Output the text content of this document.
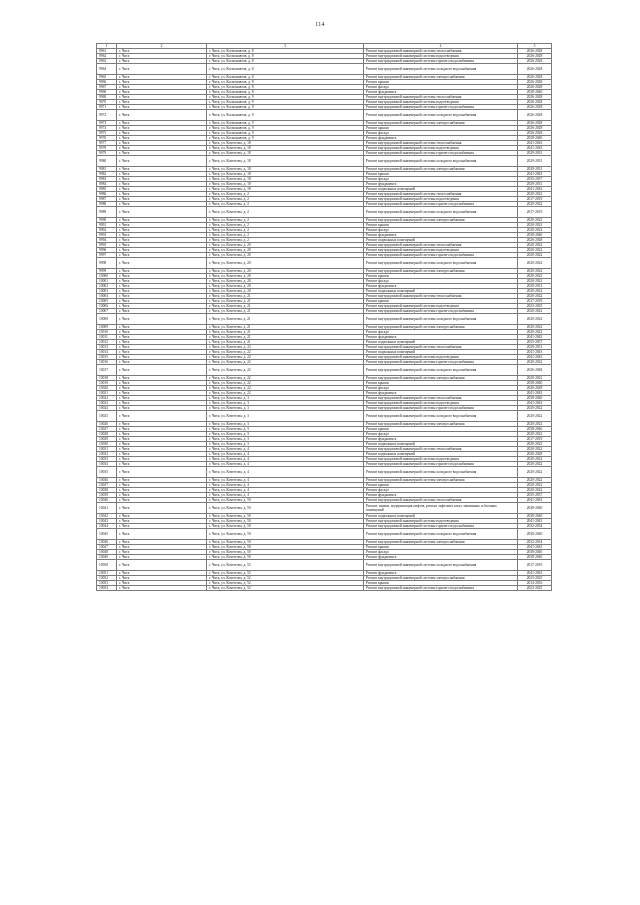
114
1	2	3	4	5
9961	г. Чита	г. Чита, ул. Космонавтов, д. 8	Ремонт внутридомовой инженерной системы теплоснабжения	2026-2028
9962	г. Чита	г. Чита, ул. Космонавтов, д. 8	Ремонт внутридомовой инженерной системы водоотведения	2026-2028
9963	г. Чита	г. Чита, ул. Космонавтов, д. 8	Ремонт внутридомовой инженерной системы горячего водоснабжения	2026-2028
9964	г. Чита	г. Чита, ул. Космонавтов, д. 8	Ремонт внутридомовой инженерной системы холодного водоснабжения	2026-2028
9965	г. Чита	г. Чита, ул. Космонавтов, д. 8	Ремонт внутридомовой инженерной системы электроснабжения	2026-2028
9966	г. Чита	г. Чита, ул. Космонавтов, д. 8	Ремонт крыши	2026-2028
9967	г. Чита	г. Чита, ул. Космонавтов, д. 8	Ремонт фасада	2026-2028
9968	г. Чита	г. Чита, ул. Космонавтов, д. 8	Ремонт фундамента	2038-2040
9969	г. Чита	г. Чита, ул. Космонавтов, д. 9	Ремонт внутридомовой инженерной системы теплоснабжения	2026-2028
9970	г. Чита	г. Чита, ул. Космонавтов, д. 9	Ремонт внутридомовой инженерной системы водоотведения	2026-2028
9971	г. Чита	г. Чита, ул. Космонавтов, д. 9	Ремонт внутридомовой инженерной системы горячего водоснабжения	2026-2028
9972	г. Чита	г. Чита, ул. Космонавтов, д. 9	Ремонт внутридомовой инженерной системы холодного водоснабжения	2026-2028
9973	г. Чита	г. Чита, ул. Космонавтов, д. 9	Ремонт внутридомовой инженерной системы электроснабжения	2026-2028
9974	г. Чита	г. Чита, ул. Космонавтов, д. 9	Ремонт крыши	2026-2028
9975	г. Чита	г. Чита, ул. Космонавтов, д. 9	Ремонт фасада	2026-2028
9976	г. Чита	г. Чита, ул. Космонавтов, д. 9	Ремонт фундамента	2038-2040
9977	г. Чита	г. Чита, ул. Кочетгова, д. 18	Ремонт внутридомовой инженерной системы теплоснабжения	2041-2043
9978	г. Чита	г. Чита, ул. Кочетгова, д. 18	Ремонт внутридомовой инженерной системы водоотведения	2041-2043
9979	г. Чита	г. Чита, ул. Кочетгова, д. 18	Ремонт внутридомовой инженерной системы горячего водоснабжения	2029-2031
9980	г. Чита	г. Чита, ул. Кочетгова, д. 18	Ремонт внутридомовой инженерной системы холодного водоснабжения	2029-2031
9981	г. Чита	г. Чита, ул. Кочетгова, д. 18	Ремонт внутридомовой инженерной системы электроснабжения	2029-2031
9982	г. Чита	г. Чита, ул. Кочетгова, д. 18	Ремонт крыши	2041-2043
9983	г. Чита	г. Чита, ул. Кочетгова, д. 18	Ремонт фасада	2035-2037
9984	г. Чита	г. Чита, ул. Кочетгова, д. 18	Ремонт фундамента	2029-2031
9985	г. Чита	г. Чита, ул. Кочетгова, д. 18	Ремонт подвальных помещений	2041-2043
9986	г. Чита	г. Чита, ул. Кочетгова, д. 2	Ремонт внутридомовой инженерной системы теплоснабжения	2020-2022
9987	г. Чита	г. Чита, ул. Кочетгова, д. 2	Ремонт внутридомовой инженерной системы водоотведения	2017-2019
9988	г. Чита	г. Чита, ул. Кочетгова, д. 2	Ремонт внутридомовой инженерной системы горячего водоснабжения	2020-2022
9989	г. Чита	г. Чита, ул. Кочетгова, д. 2	Ремонт внутридомовой инженерной системы холодного водоснабжения	2017-2019
9990	г. Чита	г. Чита, ул. Кочетгова, д. 2	Ремонт внутридомовой инженерной системы электроснабжения	2020-2022
9991	г. Чита	г. Чита, ул. Кочетгова, д. 2	Ремонт крыши	2020-2022
9992	г. Чита	г. Чита, ул. Кочетгова, д. 2	Ремонт фасада	2020-2022
9993	г. Чита	г. Чита, ул. Кочетгова, д. 2	Ремонт фундамента	2038-2040
9994	г. Чита	г. Чита, ул. Кочетгова, д. 2	Ремонт подвальных помещений	2026-2028
9995	г. Чита	г. Чита, ул. Кочетгова, д. 20	Ремонт внутридомовой инженерной системы теплоснабжения	2020-2022
9996	г. Чита	г. Чита, ул. Кочетгова, д. 20	Ремонт внутридомовой инженерной системы водоотведения	2020-2022
9997	г. Чита	г. Чита, ул. Кочетгова, д. 20	Ремонт внутридомовой инженерной системы горячего водоснабжения	2020-2022
9998	г. Чита	г. Чита, ул. Кочетгова, д. 20	Ремонт внутридомовой инженерной системы холодного водоснабжения	2020-2022
9999	г. Чита	г. Чита, ул. Кочетгова, д. 20	Ремонт внутридомовой инженерной системы электроснабжения	2020-2022
10000	г. Чита	г. Чита, ул. Кочетгова, д. 20	Ремонт крыши	2020-2022
10001	г. Чита	г. Чита, ул. Кочетгова, д. 20	Ремонт фасада	2020-2022
10002	г. Чита	г. Чита, ул. Кочетгова, д. 20	Ремонт фундамента	2029-2031
10003	г. Чита	г. Чита, ул. Кочетгова, д. 20	Ремонт подвальных помещений	2020-2022
10004	г. Чита	г. Чита, ул. Кочетгова, д. 21	Ремонт внутридомовой инженерной системы теплоснабжения	2020-2022
10005	г. Чита	г. Чита, ул. Кочетгова, д. 21	Ремонт крыши	2017-2019
10006	г. Чита	г. Чита, ул. Кочетгова, д. 21	Ремонт внутридомовой инженерной системы водоотведения	2023-2025
10007	г. Чита	г. Чита, ул. Кочетгова, д. 21	Ремонт внутридомовой инженерной системы горячего водоснабжения	2020-2022
10008	г. Чита	г. Чита, ул. Кочетгова, д. 21	Ремонт внутридомовой инженерной системы холодного водоснабжения	2020-2022
10009	г. Чита	г. Чита, ул. Кочетгова, д. 21	Ремонт внутридомовой инженерной системы электроснабжения	2020-2022
10010	г. Чита	г. Чита, ул. Кочетгова, д. 21	Ремонт фасада	2020-2022
10011	г. Чита	г. Чита, ул. Кочетгова, д. 21	Ремонт фундамента	2041-2043
10012	г. Чита	г. Чита, ул. Кочетгова, д. 21	Ремонт подвальных помещений	2035-2037
10013	г. Чита	г. Чита, ул. Кочетгова, д. 22	Ремонт внутридомовой инженерной системы теплоснабжения	2029-2031
10014	г. Чита	г. Чита, ул. Кочетгова, д. 22	Ремонт подвальных помещений	2041-2043
10015	г. Чита	г. Чита, ул. Кочетгова, д. 22	Ремонт внутридомовой инженерной системы водоотведения	2041-2043
10016	г. Чита	г. Чита, ул. Кочетгова, д. 22	Ремонт внутридомовой инженерной системы горячего водоснабжения	2020-2022
10017	г. Чита	г. Чита, ул. Кочетгова, д. 22	Ремонт внутридомовой инженерной системы холодного водоснабжения	2026-2028
10018	г. Чита	г. Чита, ул. Кочетгова, д. 22	Ремонт внутридомовой инженерной системы электроснабжения	2020-2022
10019	г. Чита	г. Чита, ул. Кочетгова, д. 22	Ремонт крыши	2038-2040
10020	г. Чита	г. Чита, ул. Кочетгова, д. 22	Ремонт фасада	2026-2028
10021	г. Чита	г. Чита, ул. Кочетгова, д. 22	Ремонт фундамента	2041-2043
10022	г. Чита	г. Чита, ул. Кочетгова, д. 3	Ремонт внутридомовой инженерной системы теплоснабжения	2038-2040
10023	г. Чита	г. Чита, ул. Кочетгова, д. 3	Ремонт внутридомовой инженерной системы водоотведения	2041-2043
10024	г. Чита	г. Чита, ул. Кочетгова, д. 3	Ремонт внутридомовой инженерной системы горячего водоснабжения	2020-2022
10025	г. Чита	г. Чита, ул. Кочетгова, д. 3	Ремонт внутридомовой инженерной системы холодного водоснабжения	2020-2022
10026	г. Чита	г. Чита, ул. Кочетгова, д. 3	Ремонт внутридомовой инженерной системы электроснабжения	2020-2022
10027	г. Чита	г. Чита, ул. Кочетгова, д. 3	Ремонт крыши	2038-2040
10028	г. Чита	г. Чита, ул. Кочетгова, д. 3	Ремонт фасада	2020-2022
10029	г. Чита	г. Чита, ул. Кочетгова, д. 3	Ремонт фундамента	2017-2019
10030	г. Чита	г. Чита, ул. Кочетгова, д. 3	Ремонт подвальных помещений	2020-2022
10031	г. Чита	г. Чита, ул. Кочетгова, д. 4	Ремонт внутридомовой инженерной системы теплоснабжения	2020-2022
10032	г. Чита	г. Чита, ул. Кочетгова, д. 4	Ремонт подвальных помещений	2026-2028
10033	г. Чита	г. Чита, ул. Кочетгова, д. 4	Ремонт внутридомовой инженерной системы водоотведения	2020-2022
10034	г. Чита	г. Чита, ул. Кочетгова, д. 4	Ремонт внутридомовой инженерной системы горячего водоснабжения	2020-2022
10035	г. Чита	г. Чита, ул. Кочетгова, д. 4	Ремонт внутридомовой инженерной системы холодного водоснабжения	2020-2022
10036	г. Чита	г. Чита, ул. Кочетгова, д. 4	Ремонт внутридомовой инженерной системы электроснабжения	2020-2022
10037	г. Чита	г. Чита, ул. Кочетгова, д. 4	Ремонт крыши	2020-2022
10038	г. Чита	г. Чита, ул. Кочетгова, д. 4	Ремонт фасада	2020-2022
10039	г. Чита	г. Чита, ул. Кочетгова, д. 4	Ремонт фундамента	2035-2037
10040	г. Чита	г. Чита, ул. Кочетгова, д. 50	Ремонт внутридомовой инженерной системы теплоснабжения	2041-2043
10041	г. Чита	г. Чита, ул. Кочетгова, д. 50	Ремонт, замена, модернизация лифтов, ремонт лифтовых шахт, машинных и блочных помещений	2038-2040
10042	г. Чита	г. Чита, ул. Кочетгова, д. 50	Ремонт подвальных помещений	2038-2040
10043	г. Чита	г. Чита, ул. Кочетгова, д. 50	Ремонт внутридомовой инженерной системы водоотведения	2041-2043
10044	г. Чита	г. Чита, ул. Кочетгова, д. 50	Ремонт внутридомовой инженерной системы горячего водоснабжения	2032-2034
10045	г. Чита	г. Чита, ул. Кочетгова, д. 50	Ремонт внутридомовой инженерной системы холодного водоснабжения	2038-2040
10046	г. Чита	г. Чита, ул. Кочетгова, д. 50	Ремонт внутридомовой инженерной системы электроснабжения	2032-2034
10047	г. Чита	г. Чита, ул. Кочетгова, д. 50	Ремонт крыши	2041-2043
10048	г. Чита	г. Чита, ул. Кочетгова, д. 50	Ремонт фасада	2038-2040
10049	г. Чита	г. Чита, ул. Кочетгова, д. 50	Ремонт фундамента	2038-2040
10050	г. Чита	г. Чита, ул. Кочетгова, д. 52	Ремонт внутридомовой инженерной системы холодного водоснабжения	2017-2019
10051	г. Чита	г. Чита, ул. Кочетгова, д. 52	Ремонт фундамента	2041-2043
10052	г. Чита	г. Чита, ул. Кочетгова, д. 52	Ремонт внутридомовой инженерной системы электроснабжения	2023-2025
10053	г. Чита	г. Чита, ул. Кочетгова, д. 52	Ремонт крыши	2014-2016
10054	г. Чита	г. Чита, ул. Кочетгова, д. 52	Ремонт внутридомовой инженерной системы горячего водоснабжения	2023-2025
